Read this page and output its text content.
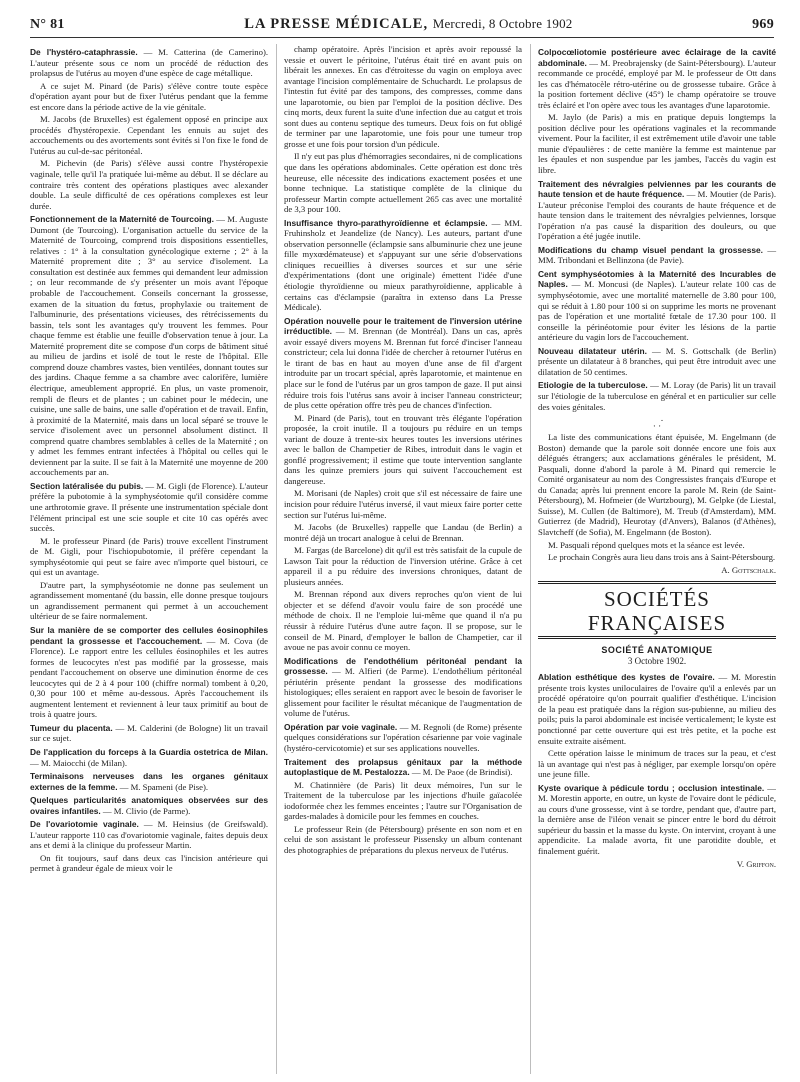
N° 81	LA PRESSE MÉDICALE, Mercredi, 8 Octobre 1902	969

De l'hystéro-cataphrassie. — M. Catterina (de Camerino). L'auteur présente sous ce nom un procédé de réduction des prolapsus de l'utérus au moyen d'une espèce de cage métallique.

A ce sujet M. Pinard (de Paris) s'élève contre toute espèce d'opération ayant pour but de fixer l'utérus pendant que la femme est encore dans la période active de la vie génitale.

M. Jacobs (de Bruxelles) est également opposé en principe aux procédés d'hystéropexie. Cependant les ennuis au sujet des accouchements ou des avortements sont évités si l'on fixe le fond de l'utérus au cul-de-sac péritonéal.

M. Pichevin (de Paris) s'élève aussi contre l'hystéropexie vaginale, telle qu'il l'a pratiquée lui-même au début. Il se déclare au contraire très content des opérations plastiques avec alexander double. La seule difficulté de ces opérations complexes est leur durée.

Fonctionnement de la Maternité de Tourcoing. — M. Auguste Dumont (de Tourcoing). L'organisation actuelle du service de la Maternité de Tourcoing, comprend trois dispositions essentielles, relatives : 1° à la consultation gynécologique externe ; 2° à la Maternité proprement dite ; 3° au service d'isolement. La consultation est destinée aux femmes qui demandent leur admission ; on leur recommande de s'y présenter un mois avant l'époque probable de l'accouchement. Conseils concernant la grossesse, examen de la situation du fœtus, prophylaxie ou traitement de l'albuminurie, des présentations vicieuses, des rétrécissements du bassin, tels sont les avantages qu'y trouvent les femmes. Pour chaque femme est établie une feuille d'observation tenue à jour. La Maternité proprement dite se compose d'un corps de bâtiment situé au milieu de jardins et isolé de tout le reste de l'hôpital. Elle comprend douze chambres vastes, bien ventilées, donnant toutes sur des jardins. Chaque femme a sa chambre avec calorifère, lumière électrique, ameublement approprié. En plus, un vaste promenoir, rempli de fleurs et de plantes ; un cabinet pour le médecin, une cuisine, une salle de bains, une salle d'opération et de travail. Enfin, à proximité de la Maternité, mais dans un local séparé se trouve le service d'isolement avec un personnel absolument distinct. Il comprend quatre chambres semblables à celles de la Maternité ; on y admet les femmes entrant infectées à l'hôpital ou celles qui le deviennent par la suite. Il se fait à la Maternité une moyenne de 200 accouchements par an.

Section latéralisée du pubis. — M. Gigli (de Florence). L'auteur préfère la pubotomie à la symphyséotomie qu'il considère comme une arthrotomie grave. Il présente une instrumentation spéciale dont l'élément principal est une scie souple et cite 10 cas opérés avec succès.

M. le professeur Pinard (de Paris) trouve excellent l'instrument de M. Gigli, pour l'ischiopubotomie, il préfère cependant la symphyséotomie qui peut se faire avec n'importe quel bistouri, ce qui est un avantage.

D'autre part, la symphyséotomie ne donne pas seulement un agrandissement momentané (du bassin, elle donne presque toujours un agrandissement permanent qui permet à un accouchement ultérieur de se faire normalement.

Sur la manière de se comporter des cellules éosinophiles pendant la grossesse et l'accouchement. — M. Cova (de Florence). Le rapport entre les cellules éosinophiles et les autres formes de leucocytes n'est pas modifié par la grossesse, mais pendant l'accouchement on observe une diminution énorme de ces leucocytes qui de 2 à 4 pour 100 (chiffre normal) tombent à 0,20, 0,30 pour 100 et même au-dessous. Après l'accouchement ils augmentent lentement et reviennent à leur taux primitif au bout de trois à quatre jours.

Tumeur du placenta. — M. Calderini (de Bologne) lit un travail sur ce sujet.

De l'application du forceps à la Guardia ostetrica de Milan. — M. Maiocchi (de Milan).

Terminaisons nerveuses dans les organes génitaux externes de la femme. — M. Spameni (de Pise).

Quelques particularités anatomiques observées sur des ovaires infantiles. — M. Clivio (de Parme).

De l'ovariotomie vaginale. — M. Heinsius (de Greifswald). L'auteur rapporte 110 cas d'ovariotomie vaginale, faites depuis deux ans et demi à la clinique du professeur Martin.

On fit toujours, sauf dans deux cas l'incision antérieure qui permet à grandeur égale de mieux voir le

champ opératoire. Après l'incision et après avoir repoussé la vessie et ouvert le péritoine, l'utérus était tiré en avant puis on libérait les annexes. En cas d'étroitesse du vagin on employa avec avantage l'incision complémentaire de Schuchardt. Le prolapsus de l'intestin fut évité par des tampons, des compresses, comme dans une laparotomie, ou bien par l'emploi de la position déclive. Des cinq morts, deux furent la suite d'une infection due au catgut et trois sont dues au contenu septique des tumeurs. Deux fois on fut obligé de terminer par une laparotomie, une fois pour une tumeur trop grosse et une fois pour torsion d'un pédicule.

Il n'y eut pas plus d'hémorragies secondaires, ni de complications que dans les opérations abdominales. Cette opération est donc très heureuse, elle nécessite des indications exactement posées et une bonne technique. La statistique complète de la clinique du professeur Martin compte actuellement 265 cas avec une mortalité de 3,3 pour 100.

Insuffisance thyro-parathyroïdienne et éclampsie. — MM. Fruhinsholz et Jeandelize (de Nancy). Les auteurs, partant d'une observation personnelle (éclampsie sans albuminurie chez une jeune fille myxœdémateuse) et s'appuyant sur une série d'observations cliniques recueillies à diverses sources et sur une série d'expérimentations (dont une originale) émettent l'idée d'une étiologie thyroïdienne ou mieux parathyroïdienne, applicable à certains cas d'éclampsie (paraîtra in extenso dans La Presse Médicale).

Opération nouvelle pour le traitement de l'inversion utérine irréductible. — M. Brennan (de Montréal). Dans un cas, après avoir essayé divers moyens M. Brennan fut forcé d'inciser l'anneau constricteur; cela lui donna l'idée de chercher à retourner l'utérus en le tirant de bas en haut au moyen d'une anse de fil d'argent introduite par un trocart spécial, après laparotomie, et maintenue en place sur le fond de l'utérus par un gros tampon de gaze. Il put ainsi réduire trois fois l'utérus sans avoir à inciser l'anneau constricteur; de plus cette opération offre très peu de chances d'infection.

M. Pinard (de Paris), tout en trouvant très élégante l'opération proposée, la croit inutile. Il a toujours pu réduire en un temps variant de douze à trente-six heures toutes les inversions utérines avec le ballon de Champetier de Ribes, introduit dans le vagin et gonflé progressivement; il estime que toute intervention sanglante dans les quinze premiers jours qui suivent l'accouchement est dangereuse.

M. Morisani (de Naples) croit que s'il est nécessaire de faire une incision pour réduire l'utérus inversé, il vaut mieux faire porter cette section sur l'utérus lui-même.

M. Jacobs (de Bruxelles) rappelle que Landau (de Berlin) a montré déjà un trocart analogue à celui de Brennan.

M. Fargas (de Barcelone) dit qu'il est très satisfait de la cupule de Lawson Tait pour la réduction de l'inversion utérine. Grâce à cet appareil il a pu réduire des inversions chroniques, datant de plusieurs années.

M. Brennan répond aux divers reproches qu'on vient de lui objecter et se défend d'avoir voulu faire de son procédé une méthode de choix. Il ne l'emploie lui-même que quand il n'a pu réussir à réduire l'utérus d'une autre façon. Il se propose, sur le conseil de M. Pinard, d'employer le ballon de Champetier, car il avoue ne pas avoir connu ce moyen.

Modifications de l'endothélium péritonéal pendant la grossesse. — M. Alfieri (de Parme). L'endothélium péritonéal périutérin présente pendant la grossesse des modifications histologiques; elles seraient en rapport avec le besoin de favoriser le glissement pour faciliter le résultat mécanique de l'augmentation de volume de l'utérus.

Opération par voie vaginale. — M. Regnoli (de Rome) présente quelques considérations sur l'opération césarienne par voie vaginale (hystéro-cervicotomie) et sur ses applications nouvelles.

Traitement des prolapsus génitaux par la méthode autoplastique de M. Pestalozza. — M. De Paoe (de Brindisi).

M. Chatinnière (de Paris) lit deux mémoires, l'un sur le Traitement de la tuberculose par les injections d'huile gaïacolée iodoformée chez les femmes enceintes ; l'autre sur l'Organisation de gardes-malades à domicile pour les femmes en couches.

Le professeur Rein (de Pétersbourg) présente en son nom et en celui de son assistant le professeur Pissensky un album contenant des photographies de préparations du plexus nerveux de l'utérus.

Colpocœliotomie postérieure avec éclairage de la cavité abdominale. — M. Preobrajensky (de Saint-Pétersbourg). L'auteur recommande ce procédé, employé par M. le professeur de Ott dans les cas d'hématocèle rétro-utérine ou de grossesse tubaire. Grâce à la position fortement déclive (45°) le champ opératoire se trouve très éclairé et l'on opère avec tous les avantages d'une laparotomie.

M. Jaylo (de Paris) a mis en pratique depuis longtemps la position déclive pour les opérations vaginales et la recommande vivement. Pour la faciliter, il est extrêmement utile d'avoir une table munie d'épaulières : de cette manière la femme est maintenue par les épaules et non suspendue par les jambes, l'accès du vagin est libre.

Traitement des névralgies pelviennes par les courants de haute tension et de haute fréquence. — M. Moutier (de Paris). L'auteur préconise l'emploi des courants de haute fréquence et de haute tension dans le traitement des névralgies pelviennes, lorsque l'opération n'a pas causé la disparition des douleurs, ou que l'opération a été jugée inutile.

Modifications du champ visuel pendant la grossesse. — MM. Tribondani et Bellinzona (de Pavie).

Cent symphyséotomies à la Maternité des Incurables de Naples. — M. Moncusi (de Naples). L'auteur relate 100 cas de symphyséotomie, avec une mortalité maternelle de 3.80 pour 100, qui se réduit à 1.80 pour 100 si on supprime les morts ne provenant pas de l'opération et une mortalité fœtale de 17.30 pour 100. Il conseille la périnéotomie pour éviter les lésions de la partie antérieure du vagin lors de l'accouchement.

Nouveau dilatateur utérin. — M. S. Gottschalk (de Berlin) présente un dilatateur à 8 branches, qui peut être introduit avec une dilatation de 50 centimes.

Etiologie de la tuberculose. — M. Loray (de Paris) lit un travail sur l'étiologie de la tuberculose en général et en particulier sur celle des voies génitales.

.
· ·

La liste des communications étant épuisée, M. Engelmann (de Boston) demande que la parole soit donnée encore une fois aux délégués étrangers; aux acclamations générales le président, M. Pasquali, donne d'abord la parole à M. Pinard qui remercie le Comité organisateur au nom des Congressistes français d'Europe et du Canada; après lui prennent encore la parole M. Rein (de Saint-Pétersbourg), M. Hofmeier (de Wurtzbourg), M. Gelpke (de Liestal, Suisse), M. Cullen (de Baltimore), M. Treub (d'Amsterdam), MM. Gutierrez (de Madrid), Heurotay (d'Anvers), Balanos (d'Athènes), Slavtcheff (de Sofia), M. Engelmann (de Boston).

M. Pasquali répond quelques mots et la séance est levée.

Le prochain Congrès aura lieu dans trois ans à Saint-Pétersbourg.

A. Gottschalk.

SOCIÉTÉS FRANÇAISES
SOCIÉTÉ ANATOMIQUE
3 Octobre 1902.

Ablation esthétique des kystes de l'ovaire. — M. Morestin présente trois kystes uniloculaires de l'ovaire qu'il a enlevés par un procédé opératoire qu'on pourrait qualifier d'esthétique. L'incision de la peau est pratiquée dans la région sus-pubienne, au milieu des poils; puis la paroi abdominale est incisée verticalement; le kyste est ponctionné par cette ouverture qui est très petite, et la poche est ensuite extraite aisément.

Cette opération laisse le minimum de traces sur la peau, et c'est là un avantage qui n'est pas à négliger, par exemple lorsqu'on opère une jeune fille.

Kyste ovarique à pédicule tordu ; occlusion intestinale. — M. Morestin apporte, en outre, un kyste de l'ovaire dont le pédicule, au cours d'une grossesse, vint à se tordre, pendant que, d'autre part, la dernière anse de l'iléon venait se pincer entre le bord du détroit supérieur du bassin et la masse du kyste. On intervint, croyant à une appendicite. La malade avorta, fit une parotidite double, et finalement guérit.

V. Griffon.
